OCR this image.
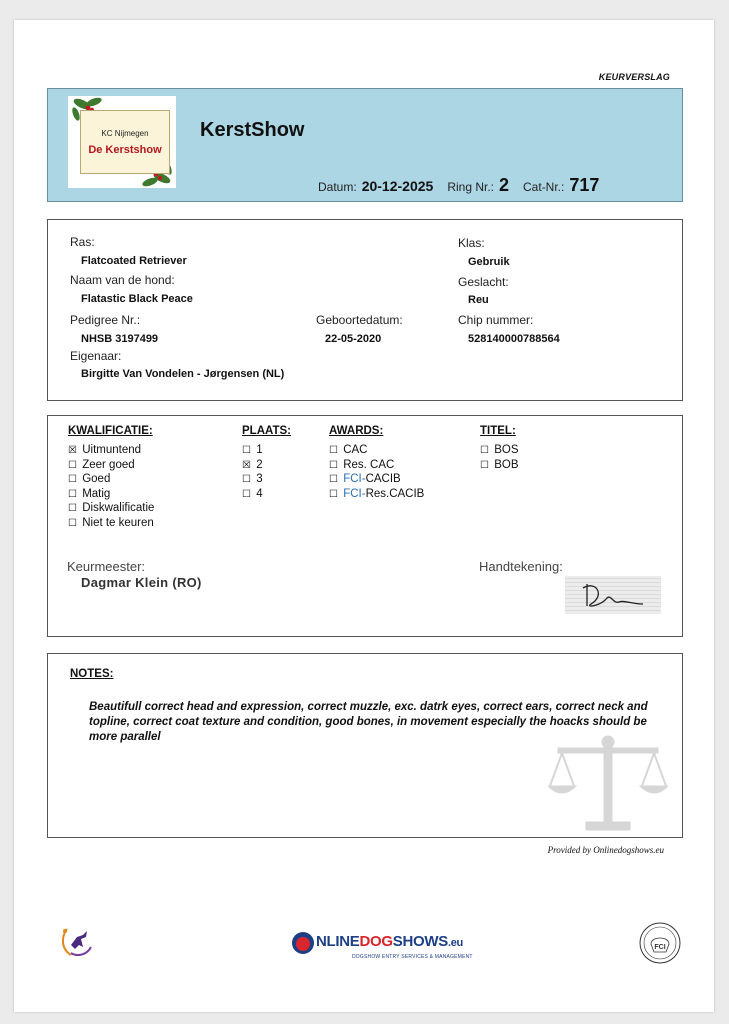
KEURVERSLAG
KC Nijmegen
De Kerstshow
KerstShow
Datum: 20-12-2025 Ring Nr.: 2 Cat-Nr.: 717
Ras:
Flatcoated Retriever
Naam van de hond:
Flatastic Black Peace
Pedigree Nr.:
NHSB 3197499
Geboortedatum:
22-05-2020
Eigenaar:
Birgitte Van Vondelen - Jørgensen (NL)
Klas:
Gebruik
Geslacht:
Reu
Chip nummer:
528140000788564
KWALIFICATIE:
☒ Uitmuntend
☐ Zeer goed
☐ Goed
☐ Matig
☐ Diskwalificatie
☐ Niet te keuren
PLAATS:
☐ 1
☒ 2
☐ 3
☐ 4
AWARDS:
☐ CAC
☐ Res. CAC
☐ FCI-CACIB
☐ FCI-Res.CACIB
TITEL:
☐ BOS
☐ BOB
Keurmeester:
Dagmar Klein (RO)
Handtekening:
NOTES:
Beautifull correct head and expression, correct muzzle, exc. datrk eyes, correct ears, correct neck and topline, correct coat texture and condition, good bones, in movement especially the hoacks should be more parallel
Provided by Onlinedogshows.eu
NLINEDOGSHOWS.eu
DOGSHOW ENTRY SERVICES & MANAGEMENT
FCI
